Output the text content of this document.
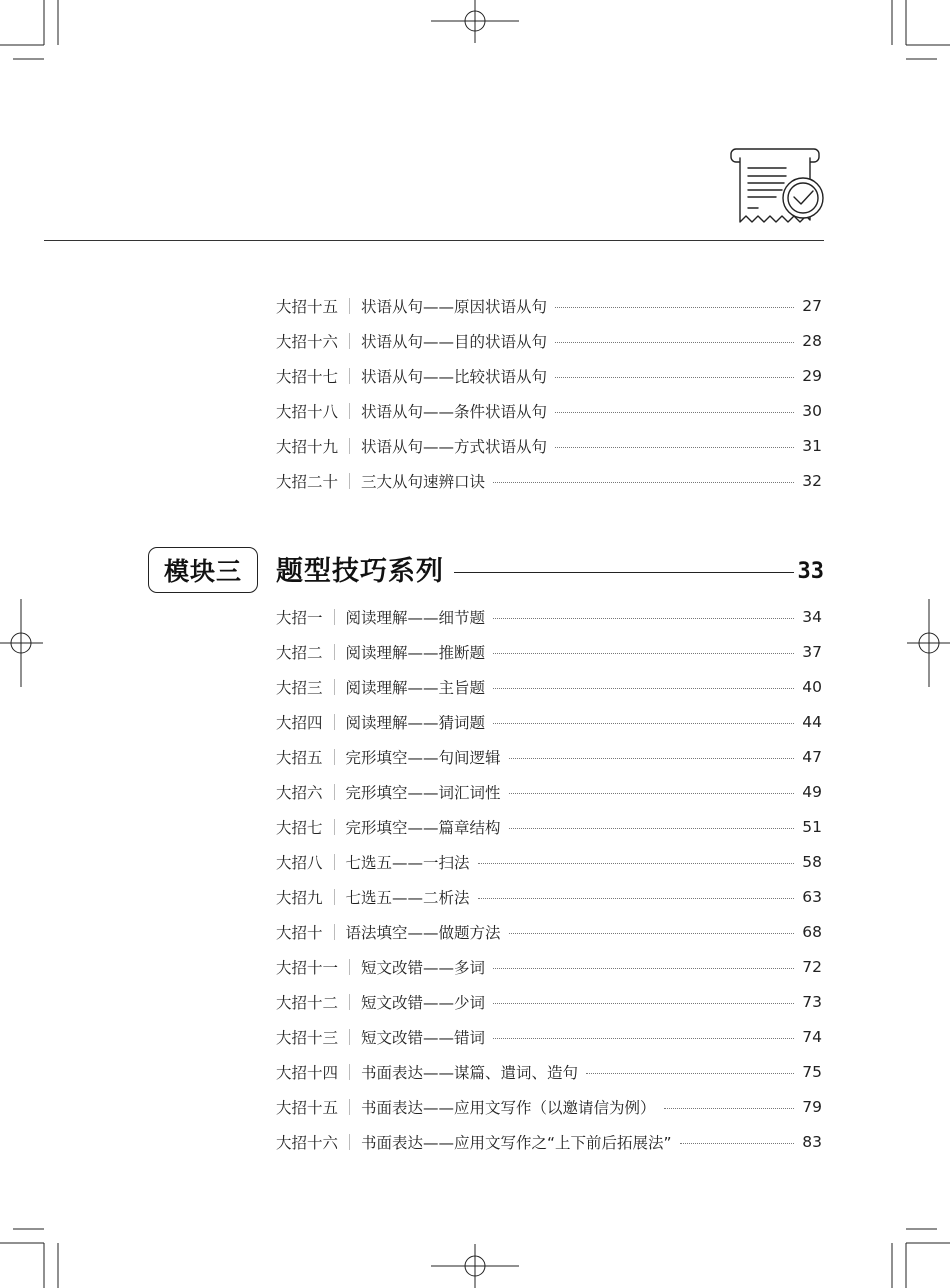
大招十五 状语从句——原因状语从句	27
大招十六 状语从句——目的状语从句	28
大招十七 状语从句——比较状语从句	29
大招十八 状语从句——条件状语从句	30
大招十九 状语从句——方式状语从句	31
大招二十 三大从句速辨口诀	32
模块三	题型技巧系列	33
大招一 阅读理解——细节题	34
大招二 阅读理解——推断题	37
大招三 阅读理解——主旨题	40
大招四 阅读理解——猜词题	44
大招五 完形填空——句间逻辑	47
大招六 完形填空——词汇词性	49
大招七 完形填空——篇章结构	51
大招八 七选五——一扫法	58
大招九 七选五——二析法	63
大招十 语法填空——做题方法	68
大招十一 短文改错——多词	72
大招十二 短文改错——少词	73
大招十三 短文改错——错词	74
大招十四 书面表达——谋篇、遣词、造句	75
大招十五 书面表达——应用文写作（以邀请信为例）	79
大招十六 书面表达——应用文写作之“上下前后拓展法”	83
